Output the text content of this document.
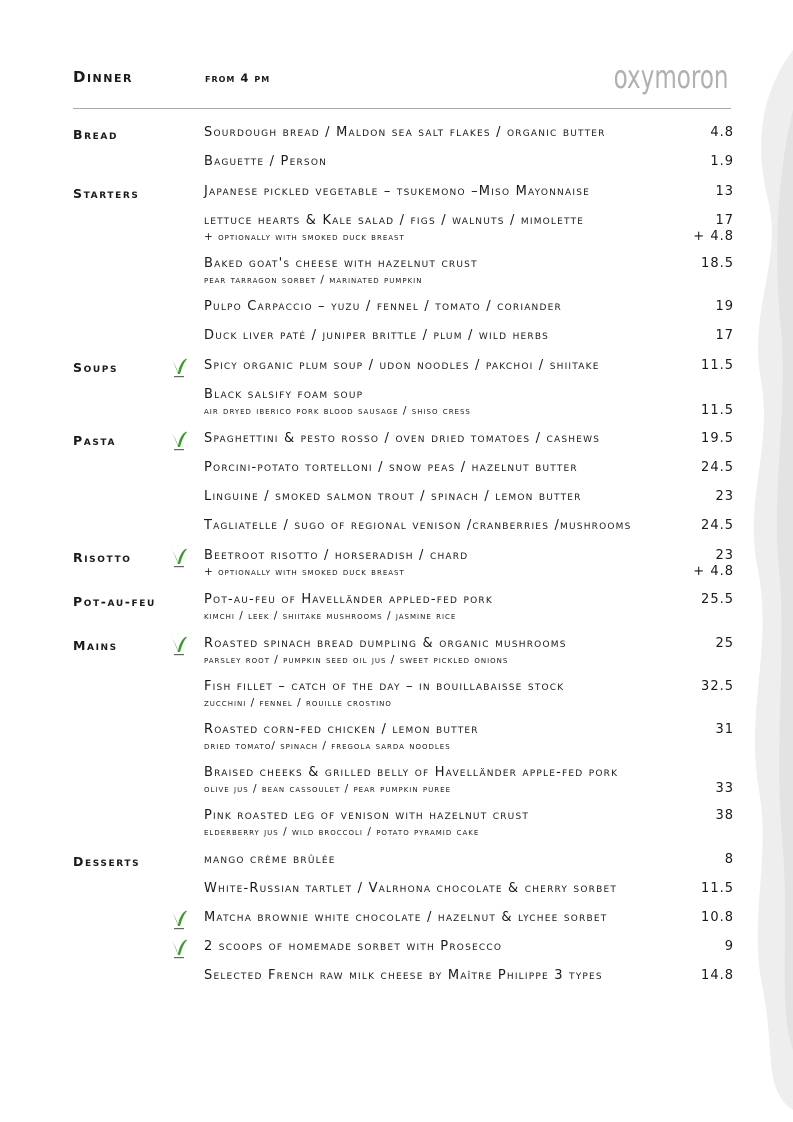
Dinner	from 4 pm	oxymoron
Bread	Sourdough bread / Maldon sea salt flakes / organic butter	4.8
Baguette / Person	1.9
Starters	Japanese pickled vegetable – tsukemono –Miso Mayonnaise	13
lettuce hearts & Kale salad / figs / walnuts / mimolette	17
+ optionally with smoked duck breast	+ 4.8
Baked goat's cheese with hazelnut crust	18.5
pear tarragon sorbet / marinated pumpkin
Pulpo Carpaccio – yuzu / fennel / tomato / coriander	19
Duck liver paté / juniper brittle / plum / wild herbs	17
Soups	Spicy organic plum soup / udon noodles / pakchoi / shiitake	11.5
Black salsify foam soup
air dryed iberico pork blood sausage / shiso cress	11.5
Pasta	Spaghettini & pesto rosso / oven dried tomatoes / cashews	19.5
Porcini-potato tortelloni / snow peas / hazelnut butter	24.5
Linguine / smoked salmon trout / spinach / lemon butter	23
Tagliatelle / sugo of regional venison /cranberries /mushrooms	24.5
Risotto	Beetroot risotto / horseradish / chard	23
+ optionally with smoked duck breast	+ 4.8
Pot-au-feu	Pot-au-feu of Havelländer appled-fed pork	25.5
kimchi / leek / shiitake mushrooms / jasmine rice
Mains	Roasted spinach bread dumpling & organic mushrooms	25
parsley root / pumpkin seed oil jus / sweet pickled onions
Fish fillet – catch of the day – in bouillabaisse stock	32.5
zucchini / fennel / rouille crostino
Roasted corn-fed chicken / lemon butter	31
dried tomato/ spinach / fregola sarda noodles
Braised cheeks & grilled belly of Havelländer apple-fed pork
olive jus / bean cassoulet / pear pumpkin puree	33
Pink roasted leg of venison with hazelnut crust	38
elderberry jus / wild broccoli / potato pyramid cake
Desserts	mango crème brûlée	8
White-Russian tartlet / Valrhona chocolate & cherry sorbet	11.5
Matcha brownie white chocolate / hazelnut & lychee sorbet	10.8
2 scoops of homemade sorbet with Prosecco	9
Selected French raw milk cheese by Maître Philippe 3 types	14.8
